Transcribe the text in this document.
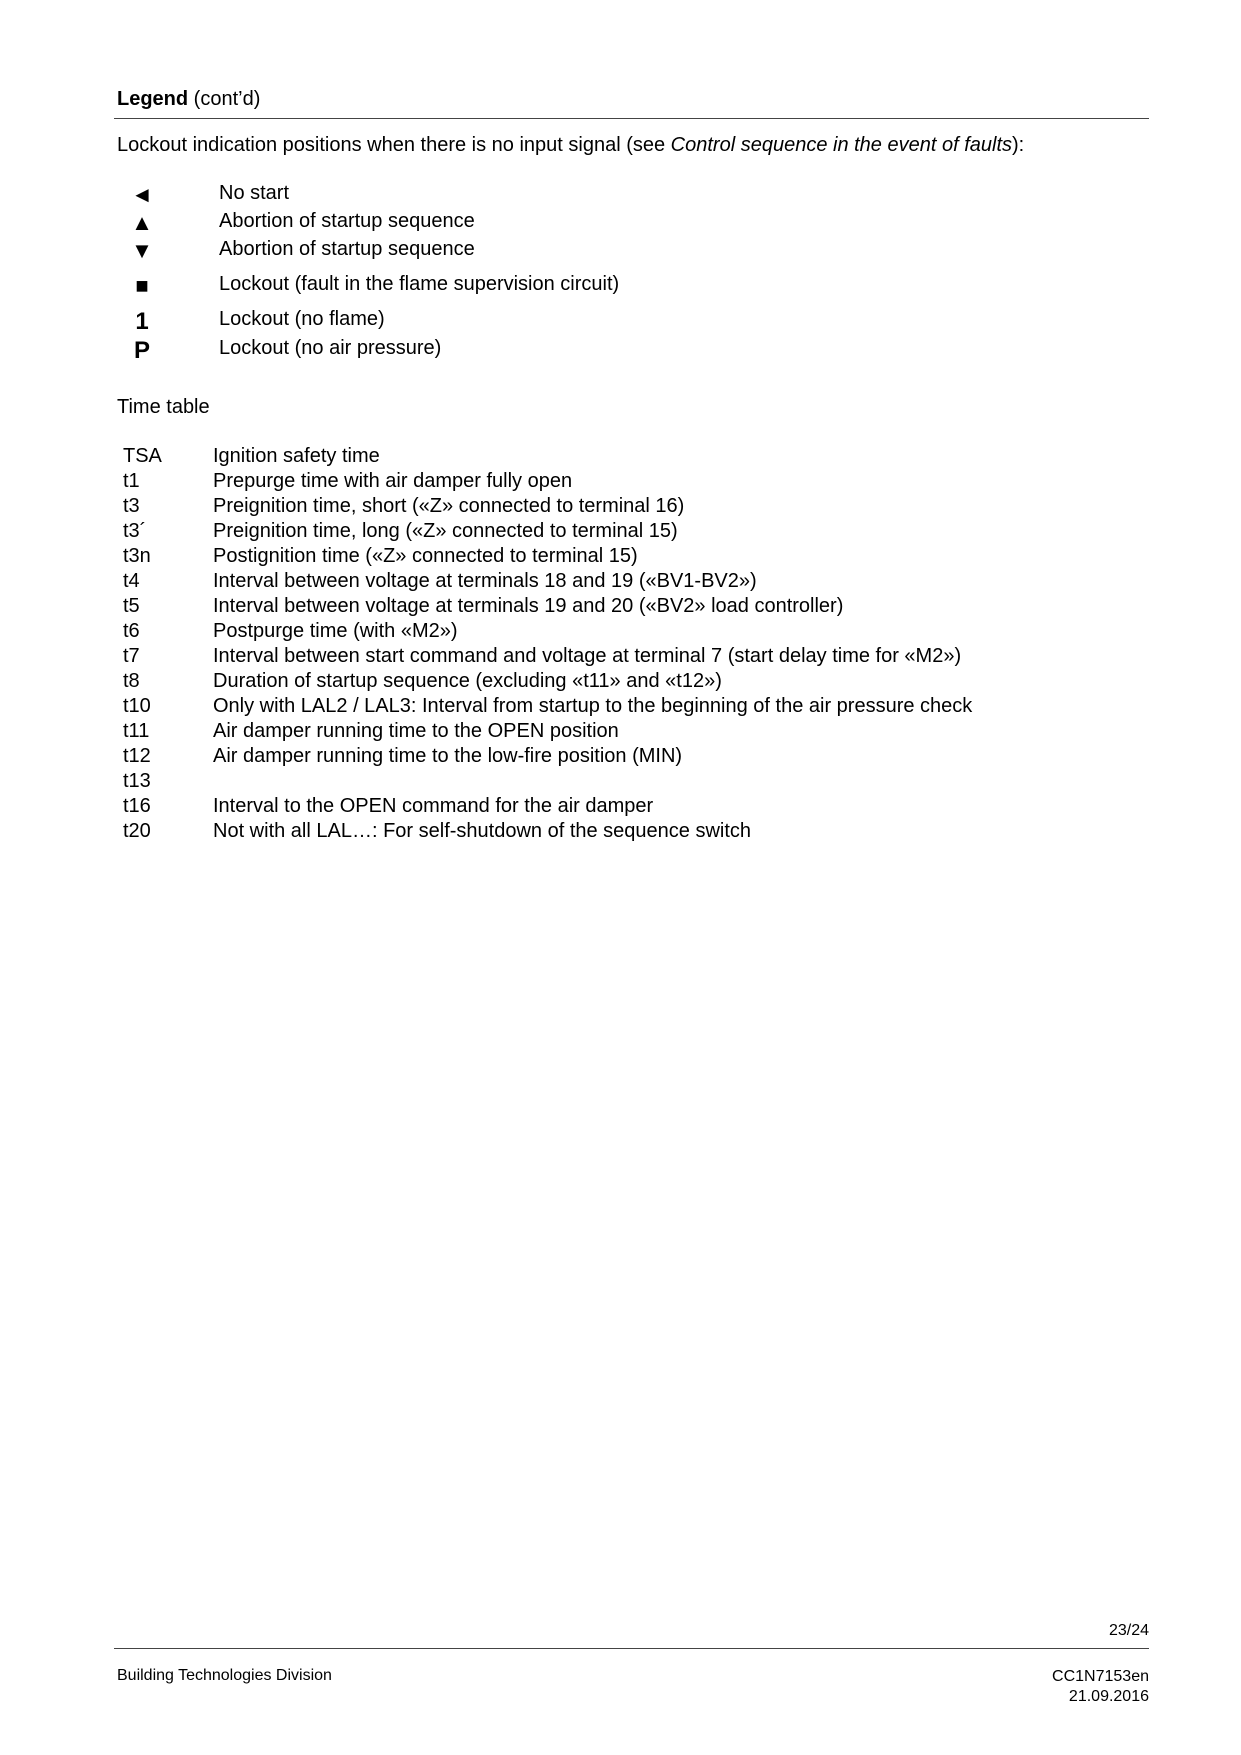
Legend (cont’d)
Lockout indication positions when there is no input signal (see Control sequence in the event of faults):
◄	No start
▲	Abortion of startup sequence
▼	Abortion of startup sequence
■	Lockout (fault in the flame supervision circuit)
1	Lockout (no flame)
P	Lockout (no air pressure)
Time table
TSA	Ignition safety time
t1	Prepurge time with air damper fully open
t3	Preignition time, short («Z» connected to terminal 16)
t3´	Preignition time, long («Z» connected to terminal 15)
t3n	Postignition time («Z» connected to terminal 15)
t4	Interval between voltage at terminals 18 and 19 («BV1-BV2»)
t5	Interval between voltage at terminals 19 and 20 («BV2» load controller)
t6	Postpurge time (with «M2»)
t7	Interval between start command and voltage at terminal 7 (start delay time for «M2»)
t8	Duration of startup sequence (excluding «t11» and «t12»)
t10	Only with LAL2 / LAL3: Interval from startup to the beginning of the air pressure check
t11	Air damper running time to the OPEN position
t12	Air damper running time to the low-fire position (MIN)
t13
t16	Interval to the OPEN command for the air damper
t20	Not with all LAL…: For self-shutdown of the sequence switch
23/24
Building Technologies Division	CC1N7153en
21.09.2016
